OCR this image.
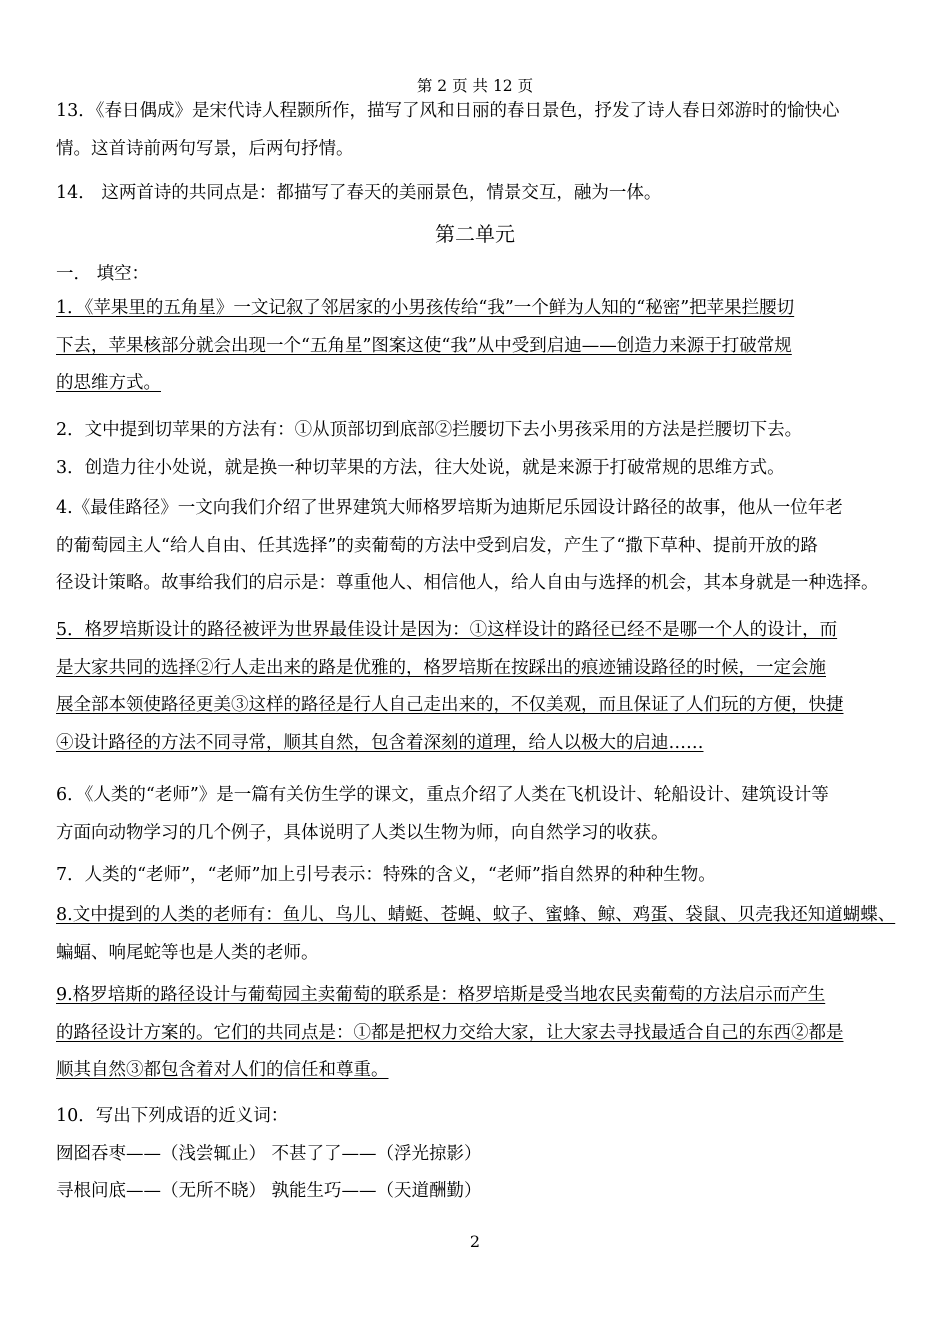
第 2 页 共 12 页
13．《春日偶成》是宋代诗人程颢所作，描写了风和日丽的春日景色，抒发了诗人春日郊游时的愉快心
情。这首诗前两句写景，后两句抒情。
14． 这两首诗的共同点是：都描写了春天的美丽景色，情景交互，融为一体。
第二单元
一． 填空：
1．《苹果里的五角星》一文记叙了邻居家的小男孩传给“我”一个鲜为人知的“秘密”把苹果拦腰切
下去，苹果核部分就会出现一个“五角星”图案这使“我”从中受到启迪——创造力来源于打破常规
的思维方式。
2．文中提到切苹果的方法有：①从顶部切到底部②拦腰切下去小男孩采用的方法是拦腰切下去。
3．创造力往小处说，就是换一种切苹果的方法，往大处说，就是来源于打破常规的思维方式。
4.《最佳路径》一文向我们介绍了世界建筑大师格罗培斯为迪斯尼乐园设计路径的故事，他从一位年老
的葡萄园主人“给人自由、任其选择”的卖葡萄的方法中受到启发，产生了“撒下草种、提前开放的路
径设计策略。故事给我们的启示是：尊重他人、相信他人，给人自由与选择的机会，其本身就是一种选择。
5．格罗培斯设计的路径被评为世界最佳设计是因为：①这样设计的路径已经不是哪一个人的设计，而
是大家共同的选择②行人走出来的路是优雅的，格罗培斯在按踩出的痕迹铺设路径的时候，一定会施
展全部本领使路径更美③这样的路径是行人自己走出来的，不仅美观，而且保证了人们玩的方便，快捷
④设计路径的方法不同寻常，顺其自然，包含着深刻的道理，给人以极大的启迪……
6．《人类的“老师”》是一篇有关仿生学的课文，重点介绍了人类在飞机设计、轮船设计、建筑设计等
方面向动物学习的几个例子，具体说明了人类以生物为师，向自然学习的收获。
7．人类的“老师”，“老师”加上引号表示：特殊的含义，“老师”指自然界的种种生物。
8.文中提到的人类的老师有：鱼儿、鸟儿、蜻蜓、苍蝇、蚊子、蜜蜂、鲸、鸡蛋、袋鼠、贝壳我还知道蝴蝶、
蝙蝠、响尾蛇等也是人类的老师。
9.格罗培斯的路径设计与葡萄园主卖葡萄的联系是：格罗培斯是受当地农民卖葡萄的方法启示而产生
的路径设计方案的。它们的共同点是：①都是把权力交给大家，让大家去寻找最适合自己的东西②都是
顺其自然③都包含着对人们的信任和尊重。
10．写出下列成语的近义词：
囫囵吞枣——（浅尝辄止） 不甚了了——（浮光掠影）
寻根问底——（无所不晓） 孰能生巧——（天道酬勤）
2
